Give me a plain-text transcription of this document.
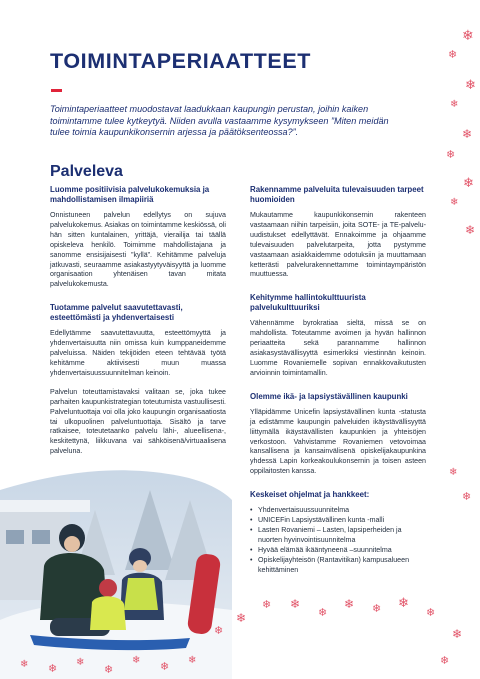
TOIMINTAPERIAATTEET

Toimintaperiaatteet muodostavat laadukkaan kaupungin perustan, joihin kaiken toimintamme tulee kytkeytyä. Niiden avulla vastaamme kysymykseen ”Miten meidän tulee toimia kaupunkikonsernin arjessa ja päätöksenteossa?”.

Palveleva
Luomme positiivisia palvelukokemuksia ja mahdollistamisen ilmapiiriä

Onnistuneen palvelun edellytys on sujuva palvelukokemus. Asiakas on toimintamme keskiössä, oli hän sitten kuntalainen, yrittäjä, vierailija tai täällä opiskeleva henkilö. Toimimme mahdollistajana ja sanomme ensisijaisesti ”kyllä”. Kehitämme palveluja jatkuvasti, seuraamme asiakastyytyväisyyttä ja luomme organisaation yhtenäisen tavan mitata palvelukokemusta.

Tuotamme palvelut saavutettavasti, esteettömästi ja yhdenvertaisesti

Edellytämme saavutettavuutta, esteettömyyttä ja yhdenvertaisuutta niin omissa kuin kumppaneidemme palveluissa. Näiden tekijöiden eteen tehtävää työtä kehitämme aktiivisesti muun muassa yhdenvertaisuussuunnitelman keinoin.

Palvelun toteuttamistavaksi valitaan se, joka tukee parhaiten kaupunkistrategian toteutumista vastuullisesti. Palveluntuottaja voi olla joko kaupungin organisaatiosta tai ulkopuolinen palveluntuottaja. Sisältö ja tarve ratkaisee, toteutetaanko palvelu lähi-, alueellisena-, keskitettynä, liikkuvana vai sähköisenä/virtuaalisena palveluna.

Rakennamme palveluita tulevaisuuden tarpeet huomioiden

Mukautamme kaupunkikonsernin rakenteen vastaamaan niihin tarpeisiin, joita SOTE- ja TE-palvelu-uudistukset edellyttävät. Ennakoimme ja ohjaamme tulevaisuuden palvelutarpeita, jotta pystymme vastaamaan asiakkaidemme odotuksiin ja muuttamaan ketterästi palvelurakennettamme toimintaympäristön muuttuessa.

Kehitymme hallintokulttuurista palvelukulttuuriksi

Vähennämme byrokratiaa sieltä, missä se on mahdollista. Toteutamme avoimen ja hyvän hallinnon periaatteita sekä parannamme hallinnon asiakasystävällisyyttä esimerkiksi viestinnän keinoin. Luomme Rovaniemelle sopivan ennakkovaikutusten arvioinnin toimintamallin.

Olemme ikä- ja lapsiystävällinen kaupunki

Ylläpidämme Unicefin lapsiystävällinen kunta -statusta ja edistämme kaupungin palveluiden ikäystävällisyyttä liittymällä ikäystävällisten kaupunkien ja yhteisöjen verkostoon. Vahvistamme Rovaniemen vetovoimaa kansallisena ja kansainvälisenä opiskelijakaupunkina yhdessä Lapin korkeakoulukonsernin ja toisen asteen oppilaitosten kanssa.

Keskeiset ohjelmat ja hankkeet:
• Yhdenvertaisuussuunnitelma
• UNICEFin Lapsiystävällinen kunta -malli
• Lasten Rovaniemi – Lasten, lapsiperheiden ja nuorten hyvinvointisuunnitelma
• Hyvää elämää ikääntyneenä –suunnitelma
• Opiskelijayhteisön (Rantavitikan) kampusalueen kehittäminen
❄
❄
❄
❄
❄
❄
❄
❄
❄
❄
❄
❄
❄ ❄
❄
❄ ❄ ❄
❄
❄
❄
❄
❄ ❄
❄
❄
❄
❄
❄
